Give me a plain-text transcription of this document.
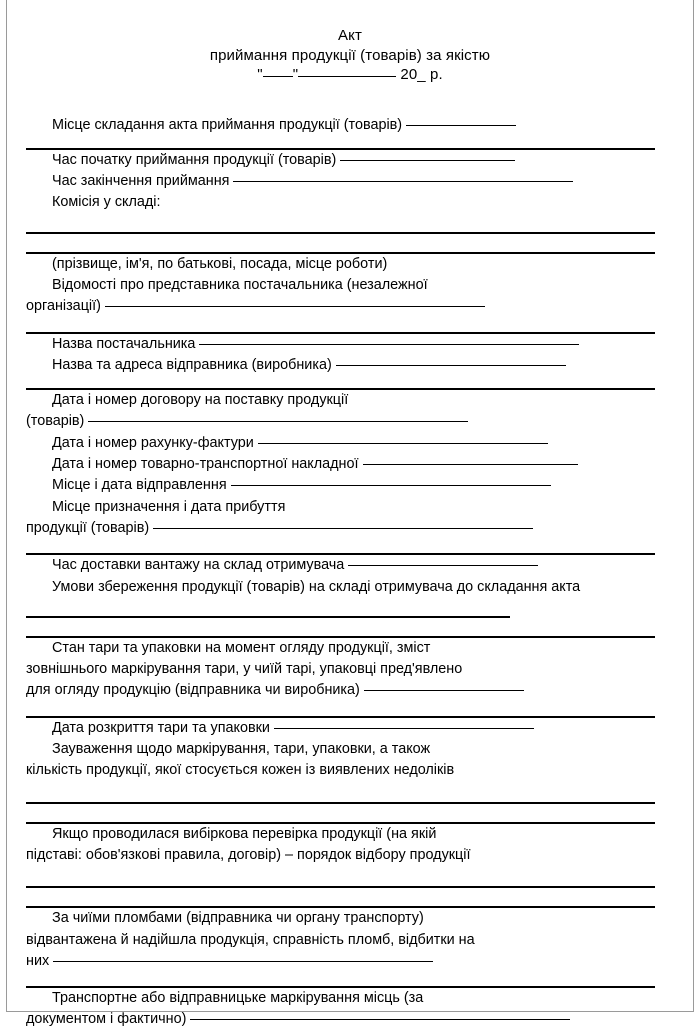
Акт
приймання продукції (товарів) за якістю
" "	20_ р.
Місце складання акта приймання продукції (товарів)
Час початку приймання продукції (товарів)
Час закінчення приймання
Комісія у складі:
(прізвище, ім'я, по батькові, посада, місце роботи)
Відомості про представника постачальника (незалежної
організації)
Назва постачальника
Назва та адреса відправника (виробника)
Дата і номер договору на поставку продукції
(товарів)
Дата і номер рахунку-фактури
Дата і номер товарно-транспортної накладної
Місце і дата відправлення
Місце призначення і дата прибуття
продукції (товарів)
Час доставки вантажу на склад отримувача
Умови збереження продукції (товарів) на складі отримувача до складання акта
Стан тари та упаковки на момент огляду продукції, зміст
зовнішнього маркірування тари, у чиїй тарі, упаковці пред'явлено
для огляду продукцію (відправника чи виробника)
Дата розкриття тари та упаковки
Зауваження щодо маркірування, тари, упаковки, а також
кількість продукції, якої стосується кожен із виявлених недоліків
Якщо проводилася вибіркова перевірка продукції (на якій
підставі: обов'язкові правила, договір) – порядок відбору продукції
За чиїми пломбами (відправника чи органу транспорту)
відвантажена й надійшла продукція, справність пломб, відбитки на
них
Транспортне або відправницьке маркірування місць (за
документом і фактично)
